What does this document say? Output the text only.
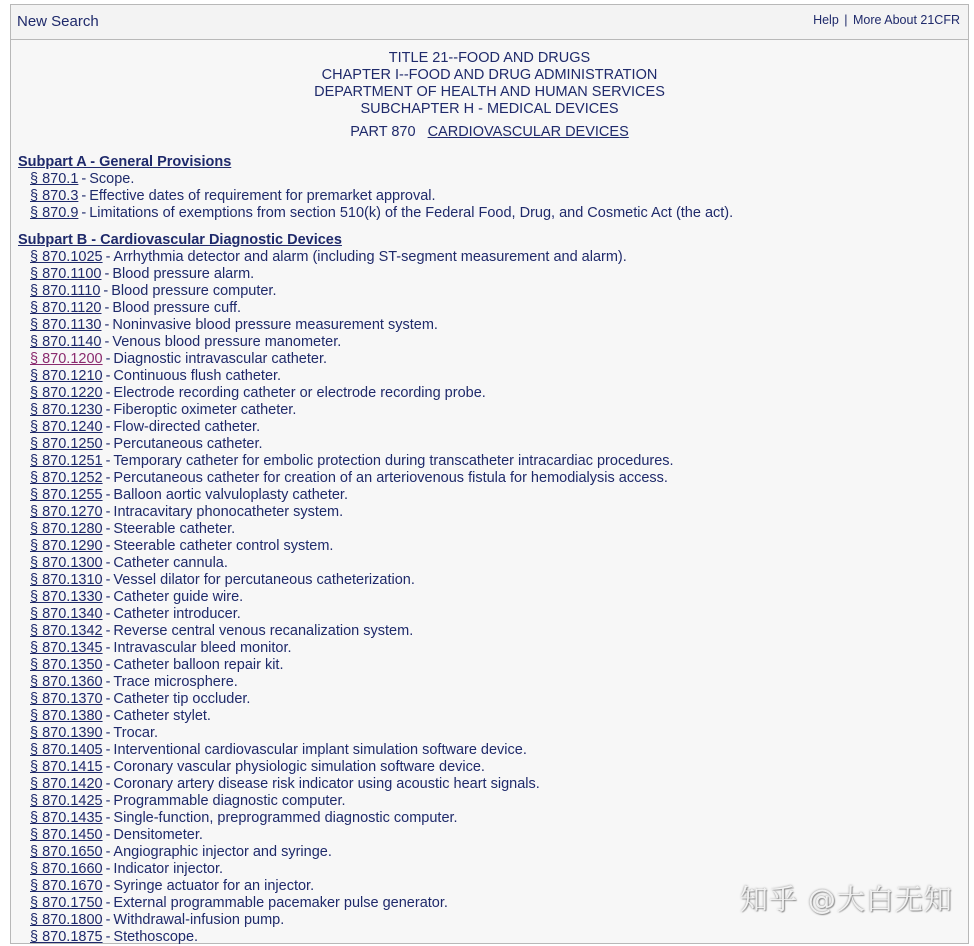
New Search	Help | More About 21CFR
TITLE 21--FOOD AND DRUGS
CHAPTER I--FOOD AND DRUG ADMINISTRATION
DEPARTMENT OF HEALTH AND HUMAN SERVICES
SUBCHAPTER H - MEDICAL DEVICES
PART 870 CARDIOVASCULAR DEVICES
Subpart A - General Provisions
§ 870.1 - Scope.
§ 870.3 - Effective dates of requirement for premarket approval.
§ 870.9 - Limitations of exemptions from section 510(k) of the Federal Food, Drug, and Cosmetic Act (the act).
Subpart B - Cardiovascular Diagnostic Devices
§ 870.1025 - Arrhythmia detector and alarm (including ST-segment measurement and alarm).
§ 870.1100 - Blood pressure alarm.
§ 870.1110 - Blood pressure computer.
§ 870.1120 - Blood pressure cuff.
§ 870.1130 - Noninvasive blood pressure measurement system.
§ 870.1140 - Venous blood pressure manometer.
§ 870.1200 - Diagnostic intravascular catheter.
§ 870.1210 - Continuous flush catheter.
§ 870.1220 - Electrode recording catheter or electrode recording probe.
§ 870.1230 - Fiberoptic oximeter catheter.
§ 870.1240 - Flow-directed catheter.
§ 870.1250 - Percutaneous catheter.
§ 870.1251 - Temporary catheter for embolic protection during transcatheter intracardiac procedures.
§ 870.1252 - Percutaneous catheter for creation of an arteriovenous fistula for hemodialysis access.
§ 870.1255 - Balloon aortic valvuloplasty catheter.
§ 870.1270 - Intracavitary phonocatheter system.
§ 870.1280 - Steerable catheter.
§ 870.1290 - Steerable catheter control system.
§ 870.1300 - Catheter cannula.
§ 870.1310 - Vessel dilator for percutaneous catheterization.
§ 870.1330 - Catheter guide wire.
§ 870.1340 - Catheter introducer.
§ 870.1342 - Reverse central venous recanalization system.
§ 870.1345 - Intravascular bleed monitor.
§ 870.1350 - Catheter balloon repair kit.
§ 870.1360 - Trace microsphere.
§ 870.1370 - Catheter tip occluder.
§ 870.1380 - Catheter stylet.
§ 870.1390 - Trocar.
§ 870.1405 - Interventional cardiovascular implant simulation software device.
§ 870.1415 - Coronary vascular physiologic simulation software device.
§ 870.1420 - Coronary artery disease risk indicator using acoustic heart signals.
§ 870.1425 - Programmable diagnostic computer.
§ 870.1435 - Single-function, preprogrammed diagnostic computer.
§ 870.1450 - Densitometer.
§ 870.1650 - Angiographic injector and syringe.
§ 870.1660 - Indicator injector.
§ 870.1670 - Syringe actuator for an injector.
§ 870.1750 - External programmable pacemaker pulse generator.
§ 870.1800 - Withdrawal-infusion pump.
§ 870.1875 - Stethoscope.
知乎 @大白无知
